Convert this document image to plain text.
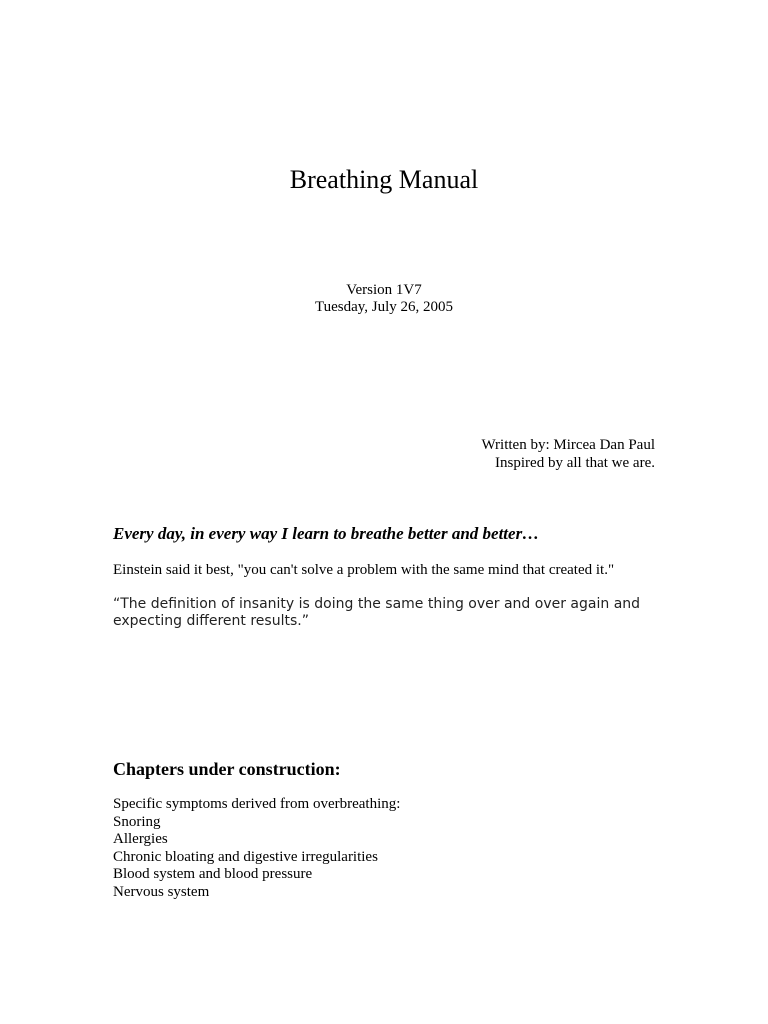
Breathing Manual
Version 1V7
Tuesday, July 26, 2005
Written by: Mircea Dan Paul
Inspired by all that we are.
Every day, in every way I learn to breathe better and better…
Einstein said it best, "you can't solve a problem with the same mind that created it."
“The definition of insanity is doing the same thing over and over again and expecting different results.”
Chapters under construction:
Specific symptoms derived from overbreathing:
Snoring
Allergies
Chronic bloating and digestive irregularities
Blood system and blood pressure
Nervous system
